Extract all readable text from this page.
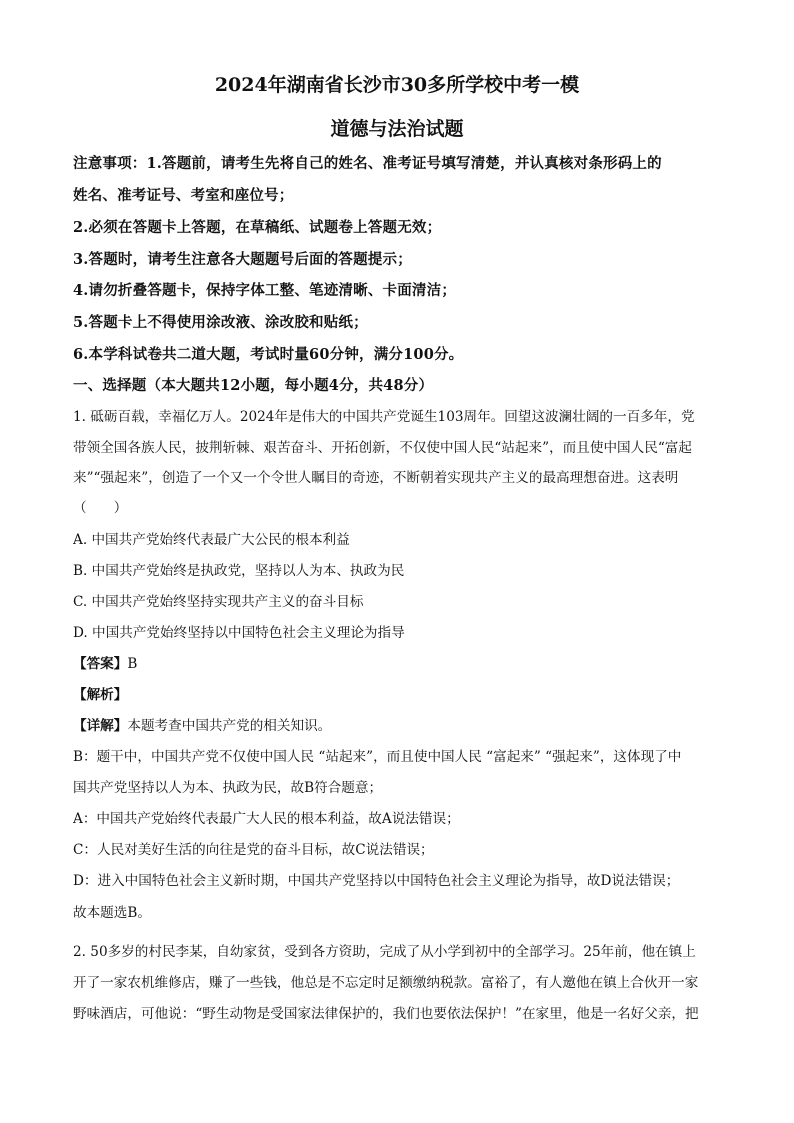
2024年湖南省长沙市30多所学校中考一模
道德与法治试题
注意事项：1.答题前，请考生先将自己的姓名、准考证号填写清楚，并认真核对条形码上的
姓名、准考证号、考室和座位号；
2.必须在答题卡上答题，在草稿纸、试题卷上答题无效；
3.答题时，请考生注意各大题题号后面的答题提示；
4.请勿折叠答题卡，保持字体工整、笔迹清晰、卡面清洁；
5.答题卡上不得使用涂改液、涂改胶和贴纸；
6.本学科试卷共二道大题，考试时量60分钟，满分100分。
一、选择题（本大题共12小题，每小题4分，共48分）
1. 砥砺百载，幸福亿万人。2024年是伟大的中国共产党诞生103周年。回望这波澜壮阔的一百多年，党
带领全国各族人民，披荆斩棘、艰苦奋斗、开拓创新，不仅使中国人民“站起来”，而且使中国人民“富起
来”“强起来”，创造了一个又一个令世人瞩目的奇迹，不断朝着实现共产主义的最高理想奋进。这表明
（　　）
A. 中国共产党始终代表最广大公民的根本利益
B. 中国共产党始终是执政党，坚持以人为本、执政为民
C. 中国共产党始终坚持实现共产主义的奋斗目标
D. 中国共产党始终坚持以中国特色社会主义理论为指导
【答案】B
【解析】
【详解】本题考查中国共产党的相关知识。
B：题干中，中国共产党不仅使中国人民 “站起来”，而且使中国人民 “富起来” “强起来”，这体现了中
国共产党坚持以人为本、执政为民，故B符合题意；
A：中国共产党始终代表最广大人民的根本利益，故A说法错误；
C：人民对美好生活的向往是党的奋斗目标，故C说法错误；
D：进入中国特色社会主义新时期，中国共产党坚持以中国特色社会主义理论为指导，故D说法错误；
故本题选B。
2. 50多岁的村民李某，自幼家贫，受到各方资助，完成了从小学到初中的全部学习。25年前，他在镇上
开了一家农机维修店，赚了一些钱，他总是不忘定时足额缴纳税款。富裕了，有人邀他在镇上合伙开一家
野味酒店，可他说：“野生动物是受国家法律保护的，我们也要依法保护！”在家里，他是一名好父亲，把
